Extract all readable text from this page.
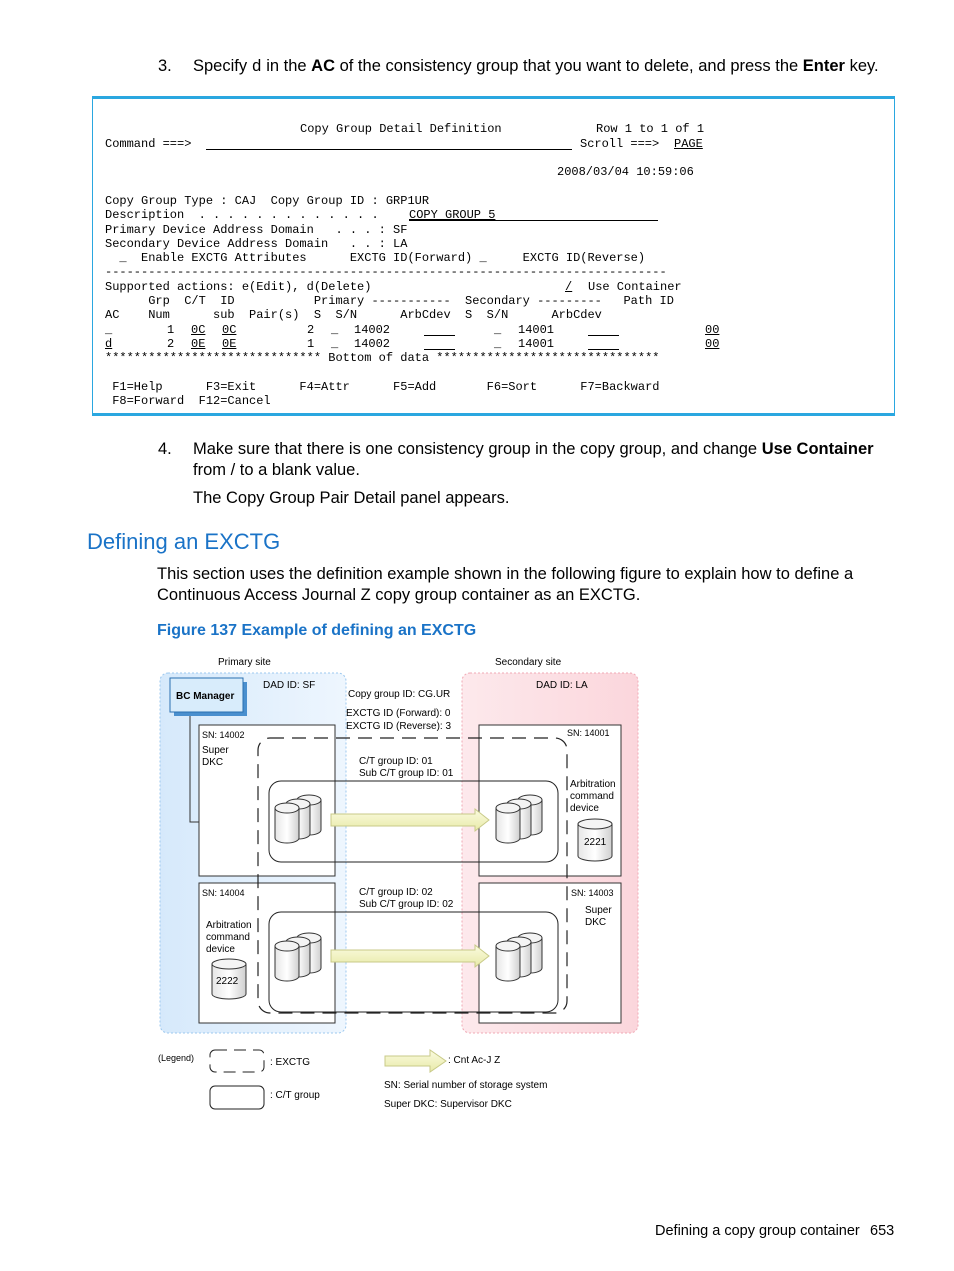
3. Specify d in the AC of the consistency group that you want to delete, and press the Enter key.
Copy Group Detail Definition	Row 1 to 1 of 1
Command ===>	Scroll ===> PAGE
2008/03/04 10:59:06
Copy Group Type : CAJ  Copy Group ID : GRP1UR
Description  . . . . . . . . . . . . .	COPY GROUP 5
Primary Device Address Domain   . . . : SF
Secondary Device Address Domain   . . : LA
_  Enable EXCTG Attributes      EXCTG ID(Forward) _     EXCTG ID(Reverse)
------------------------------------------------------------------------------
Supported actions: e(Edit), d(Delete)	/ Use Container
Grp  C/T  ID           Primary -----------  Secondary ---------   Path ID
AC    Num      sub  Pair(s)  S  S/N      ArbCdev  S  S/N      ArbCdev
_	1 0C 0C	2 _ 14002	_ 14001	00
d	2 0E 0E	1 _ 14002	_ 14001	00
****************************** Bottom of data *******************************
F1=Help      F3=Exit      F4=Attr      F5=Add       F6=Sort      F7=Backward
F8=Forward  F12=Cancel
4. Make sure that there is one consistency group in the copy group, and change Use Container
from / to a blank value.
The Copy Group Pair Detail panel appears.
Defining an EXCTG
This section uses the definition example shown in the following figure to explain how to define a
Continuous Access Journal Z copy group container as an EXCTG.
Figure 137 Example of defining an EXCTG
Primary site	Secondary site
BC Manager
DAD ID: SF	DAD ID: LA
Copy group ID: CG.UR
EXCTG ID (Forward): 0
EXCTG ID (Reverse): 3
SN: 14002
Super
DKC
SN: 14001
SN: 14004	SN: 14003
Super
DKC
C/T group ID: 01
Sub C/T group ID: 01
C/T group ID: 02
Sub C/T group ID: 02
Arbitration
command
device
2221
Arbitration
command
device
2222
(Legend)	: EXCTG
: C/T group
: Cnt Ac-J Z
SN: Serial number of storage system
Super DKC: Supervisor DKC
Defining a copy group container 653
